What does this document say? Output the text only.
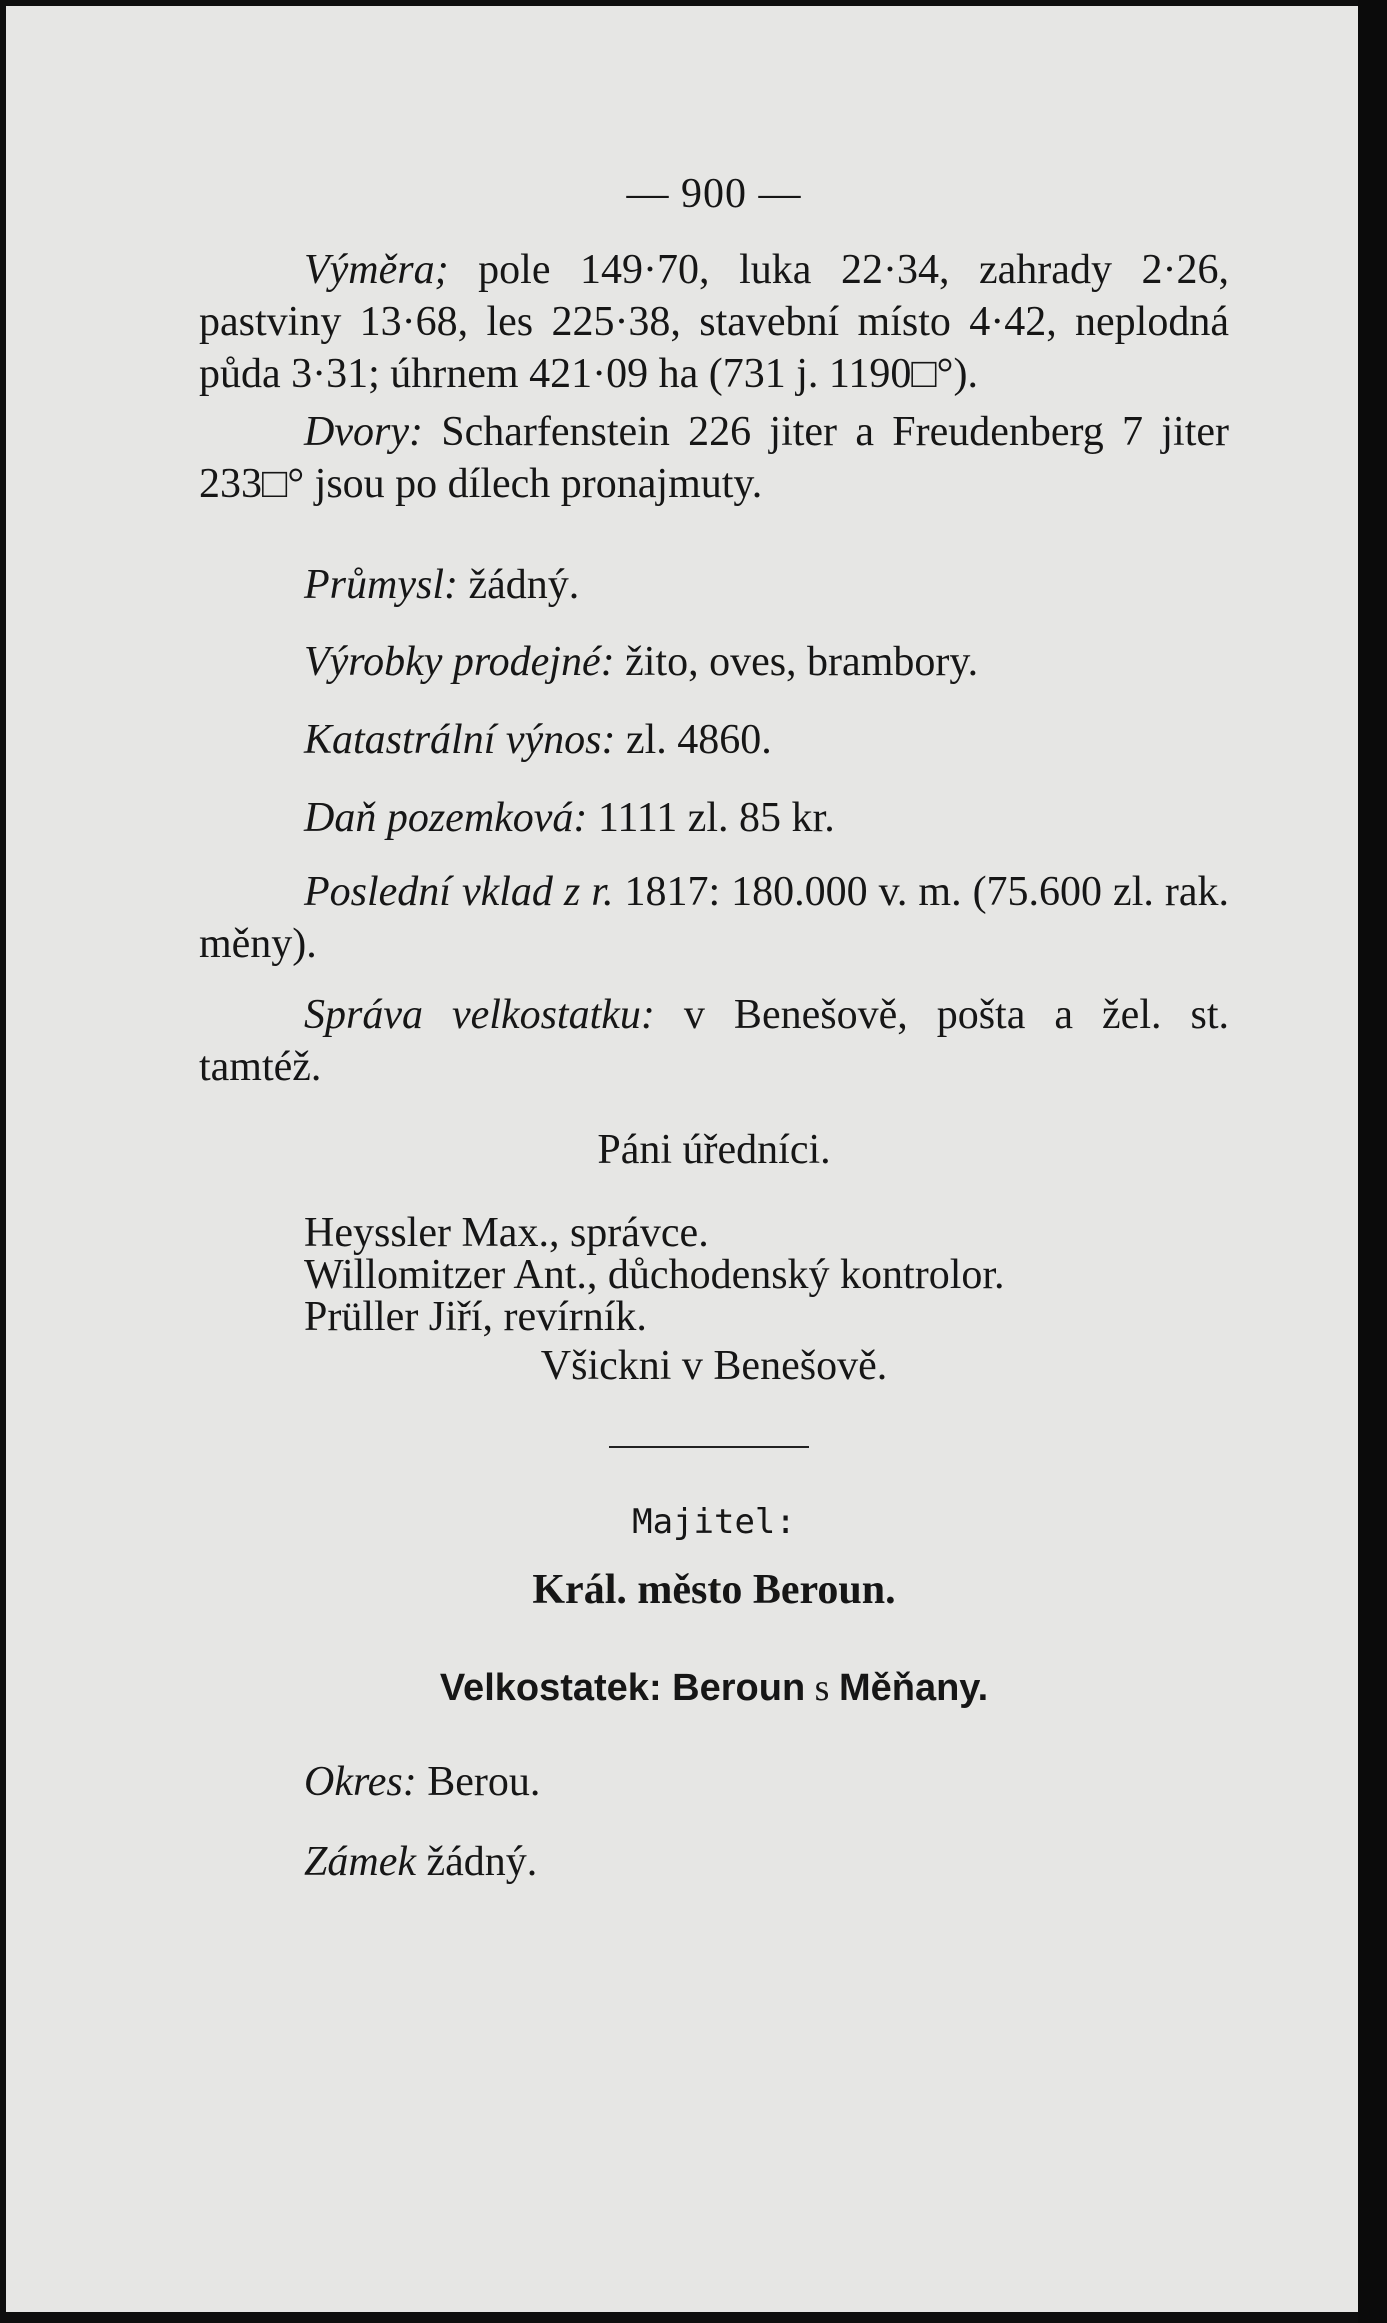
— 900 —

Výměra; pole 149·70, luka 22·34, zahrady 2·26, pastviny 13·68, les 225·38, stavební místo 4·42, neplodná půda 3·31; úhrnem 421·09 ha (731 j. 1190□°).

Dvory: Scharfenstein 226 jiter a Freudenberg 7 jiter 233□° jsou po dílech pronajmuty.

Průmysl: žádný.
Výrobky prodejné: žito, oves, brambory.
Katastrální výnos: zl. 4860.
Daň pozemková: 1111 zl. 85 kr.

Poslední vklad z r. 1817: 180.000 v. m. (75.600 zl. rak. měny).

Správa velkostatku: v Benešově, pošta a žel. st. tamtéž.

Páni úředníci.
Heyssler Max., správce.
Willomitzer Ant., důchodenský kontrolor.
Prüller Jiří, revírník.
Všickni v Benešově.
Majitel:
Král. město Beroun.
Velkostatek: Beroun s Měňany.
Okres: Berou.
Zámek žádný.
